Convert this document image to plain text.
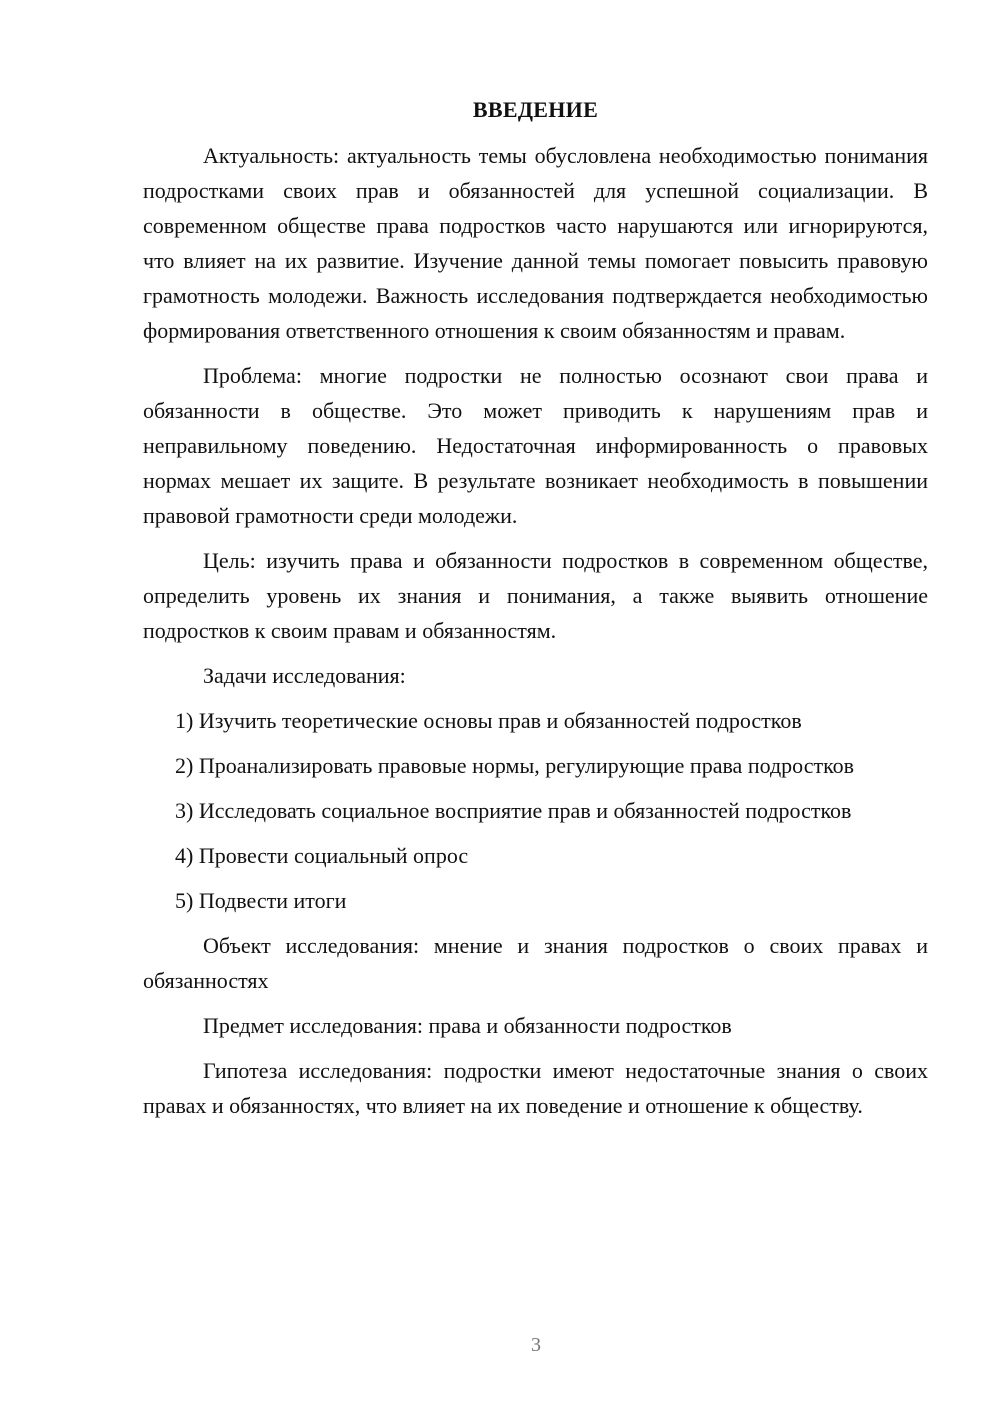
ВВЕДЕНИЕ

Актуальность: актуальность темы обусловлена необходимостью понимания подростками своих прав и обязанностей для успешной социализации. В современном обществе права подростков часто нарушаются или игнорируются, что влияет на их развитие. Изучение данной темы помогает повысить правовую грамотность молодежи. Важность исследования подтверждается необходимостью формирования ответственного отношения к своим обязанностям и правам.

Проблема: многие подростки не полностью осознают свои права и обязанности в обществе. Это может приводить к нарушениям прав и неправильному поведению. Недостаточная информированность о правовых нормах мешает их защите. В результате возникает необходимость в повышении правовой грамотности среди молодежи.

Цель: изучить права и обязанности подростков в современном обществе, определить уровень их знания и понимания, а также выявить отношение подростков к своим правам и обязанностям.

Задачи исследования:

1) Изучить теоретические основы прав и обязанностей подростков

2) Проанализировать правовые нормы, регулирующие права подростков

3) Исследовать социальное восприятие прав и обязанностей подростков

4) Провести социальный опрос

5) Подвести итоги

Объект исследования: мнение и знания подростков о своих правах и обязанностях

Предмет исследования: права и обязанности подростков

Гипотеза исследования: подростки имеют недостаточные знания о своих правах и обязанностях, что влияет на их поведение и отношение к обществу.

3
